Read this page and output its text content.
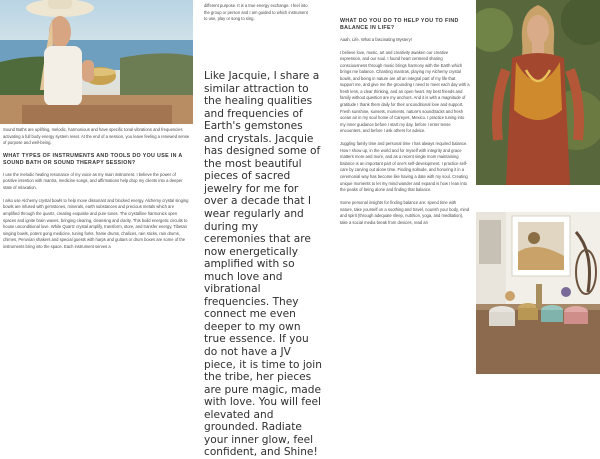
Sound Baths are uplifting, melodic, harmonious and have specific tonal vibrations and frequencies activating a full body energy system reset. At the end of a session, you leave feeling a renewed sense of purpose and well-being.

WHAT TYPES OF INSTRUMENTS AND TOOLS DO YOU USE IN A SOUND BATH OR SOUND THERAPY SESSION?

I use the melodic healing resonance of my voice as my main instrument. I believe the power of positive intention with mantra, medicine songs, and affirmations help drop my clients into a deeper state of relaxation.

I also use Alchemy crystal bowls to help move dissonant and blocked energy. Alchemy crystal singing bowls are infused with gemstones, minerals, earth substances and precious metals which are amplified through the quartz, creating exquisite and pure tones. The crystalline harmonics open spaces and ignite brain waves, bringing clearing, cleansing and clarity. This build energetic circuits to house unconditional love. While Quartz crystal amplify, transform, store, and transfer energy. Tibetan singing bowls, potent gong medicine, tuning forks, frame drums, chalices, rain sticks, rain drums, chimes, Peruvian shakers and special guests with harps and guitars or drum boxes are some of the instruments bring into the space. Each instrument serves a

different purpose. It is a true energy exchange. I feel into the group or person and I am guided to which instrument to use, play or song to sing.

Like Jacquie, I share a similar attraction to the healing qualities and frequencies of Earth's gemstones and crystals. Jacquie has designed some of the most beautiful pieces of sacred jewelry for me for over a decade that I wear regularly and during my ceremonies that are now energetically amplified with so much love and vibrational frequencies. They connect me even deeper to my own true essence. If you do not have a JV piece, it is time to join the tribe, her pieces are pure magic, made with love. You will feel elevated and grounded. Radiate your inner glow, feel confident, and Shine!
WHAT DO YOU DO TO HELP YOU TO FIND BALANCE IN LIFE?

Aaah, Life. What a fascinating Mystery!

I believe love, music, art and creativity awaken our creative expression, and our soul. I found heart centered sharing consciousness through music brings harmony with the Earth which brings me balance. Chanting mantras, playing my Alchemy crystal bowls, and being in nature are all an integral part of my life that support me, and give me the grounding I need to meet each day with a fresh lens, a clear thinking, and an open heart. My best friends and family without question are my anchors. And it is with a magnitude of gratitude I thank them daily for their unconditional love and support. Fresh sunshine, sunsets, moments, nature's soundtracks and fresh ocean air in my soul home of Careyes, Mexico. I practice tuning into my inner guidance before I start my day, before I enter tense encounters, and before I ask others for advice.

Juggling family time and personal time I has always required balance. How I show up, in the world and for myself with integrity and grace matters more and more, and as a recent single mom maintaining balance is an important part of one's self-development. I practice self-care by carving out alone time. Finding solitude, and honoring it in a ceremonial way has become like having a date with my soul. Creating unique moments to let my mind wander and expand is how I lean into the peaks of being alone and finding that balance.

Some personal insights for finding balance are: spend time with nature, take yourself on a soothing and travel, nourish your body, mind and spirit (through adequate sleep, nutrition, yoga, and meditation), take a social media break from devices, read an
